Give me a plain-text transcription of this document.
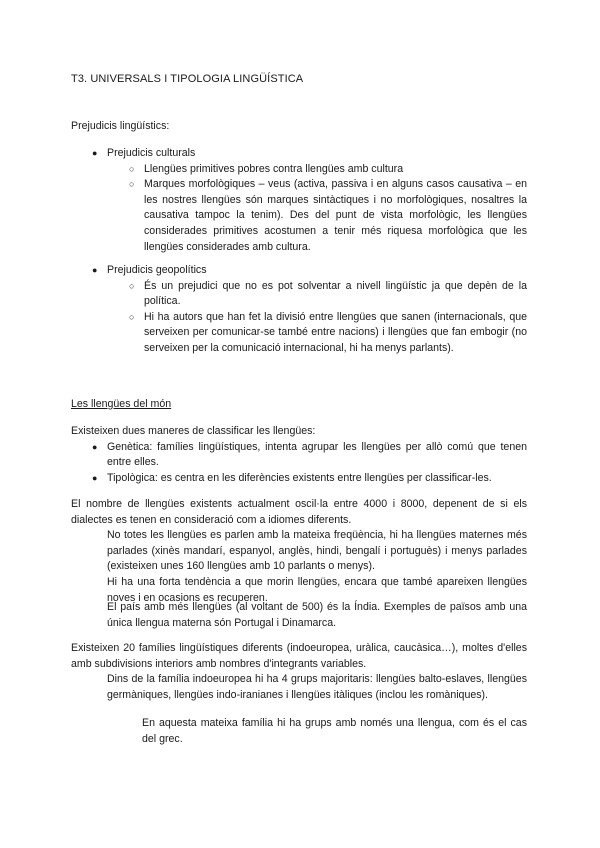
T3. UNIVERSALS I TIPOLOGIA LINGÜÍSTICA
Prejudicis lingüístics:
● Prejudicis culturals
○ Llengües primitives pobres contra llengües amb cultura
○ Marques morfològiques – veus (activa, passiva i en alguns casos causativa – en les nostres llengües són marques sintàctiques i no morfològiques, nosaltres la causativa tampoc la tenim). Des del punt de vista morfològic, les llengües considerades primitives acostumen a tenir més riquesa morfològica que les llengües considerades amb cultura.
● Prejudicis geopolítics
○ És un prejudici que no es pot solventar a nivell lingüístic ja que depèn de la política.
○ Hi ha autors que han fet la divisió entre llengües que sanen (internacionals, que serveixen per comunicar-se també entre nacions) i llengües que fan embogir (no serveixen per la comunicació internacional, hi ha menys parlants).
Les llengües del món
Existeixen dues maneres de classificar les llengües:
● Genètica: famílies lingüístiques, intenta agrupar les llengües per allò comú que tenen entre elles.
● Tipològica: es centra en les diferències existents entre llengües per classificar-les.
El nombre de llengües existents actualment oscil·la entre 4000 i 8000, depenent de si els dialectes es tenen en consideració com a idiomes diferents.
No totes les llengües es parlen amb la mateixa freqüència, hi ha llengües maternes més parlades (xinès mandarí, espanyol, anglès, hindi, bengalí i portuguès) i menys parlades (existeixen unes 160 llengües amb 10 parlants o menys).
Hi ha una forta tendència a que morin llengües, encara que també apareixen llengües noves i en ocasions es recuperen.
El país amb més llengües (al voltant de 500) és la Índia. Exemples de països amb una única llengua materna són Portugal i Dinamarca.
Existeixen 20 famílies lingüístiques diferents (indoeuropea, uràlica, caucàsica…), moltes d'elles amb subdivisions interiors amb nombres d'integrants variables.
Dins de la família indoeuropea hi ha 4 grups majoritaris: llengües balto-eslaves, llengües germàniques, llengües indo-iranianes i llengües itàliques (inclou les romàniques).
En aquesta mateixa família hi ha grups amb només una llengua, com és el cas del grec.
